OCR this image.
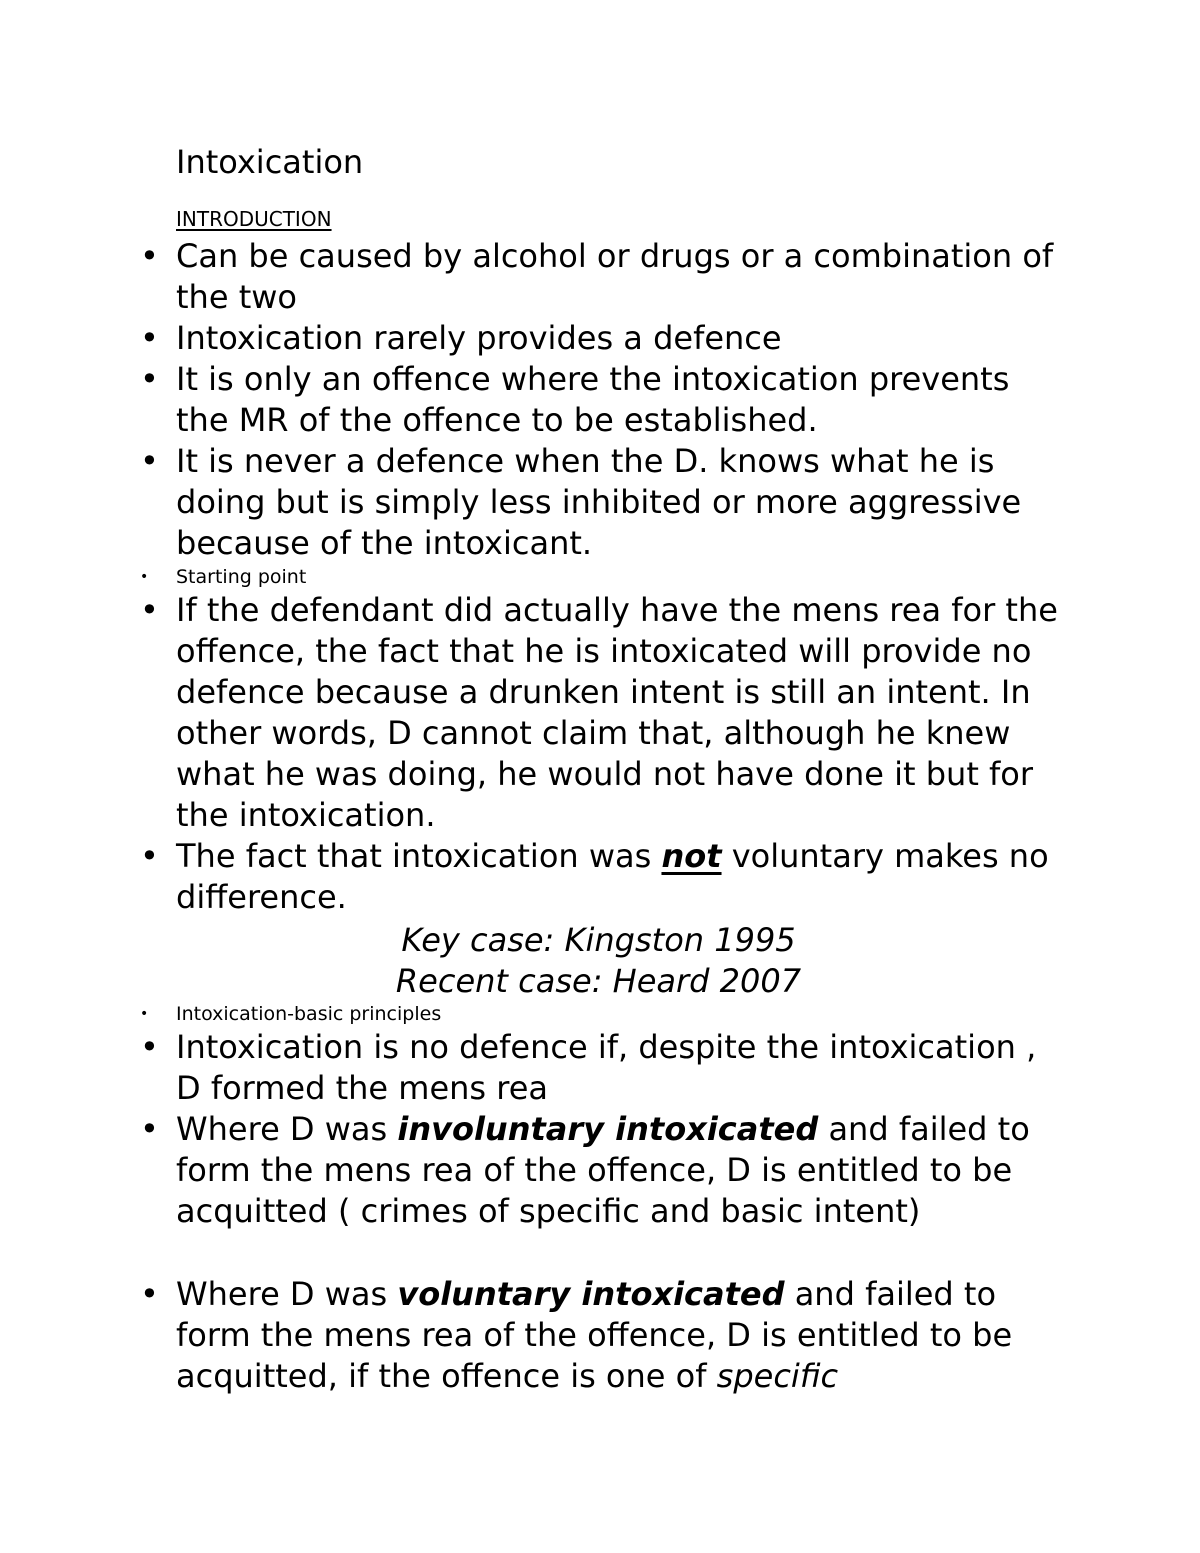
Intoxication
INTRODUCTION
• Can be caused by alcohol or drugs or a combination of the two
• Intoxication rarely provides a defence
• It is only an offence where the intoxication prevents the MR of the offence to be established.
• It is never a defence when the D. knows what he is doing but is simply less inhibited or more aggressive because of the intoxicant.
• Starting point
• If the defendant did actually have the mens rea for the offence, the fact that he is intoxicated will provide no defence because a drunken intent is still an intent. In other words, D cannot claim that, although he knew what he was doing, he would not have done it but for the intoxication.
• The fact that intoxication was not voluntary makes no difference.
Key case: Kingston 1995
Recent case: Heard 2007
• Intoxication-basic principles
• Intoxication is no defence if, despite the intoxication , D formed the mens rea
• Where D was involuntary intoxicated and failed to form the mens rea of the offence, D is entitled to be acquitted ( crimes of specific and basic intent)
• Where D was voluntary intoxicated and failed to form the mens rea of the offence, D is entitled to be acquitted, if the offence is one of specific
